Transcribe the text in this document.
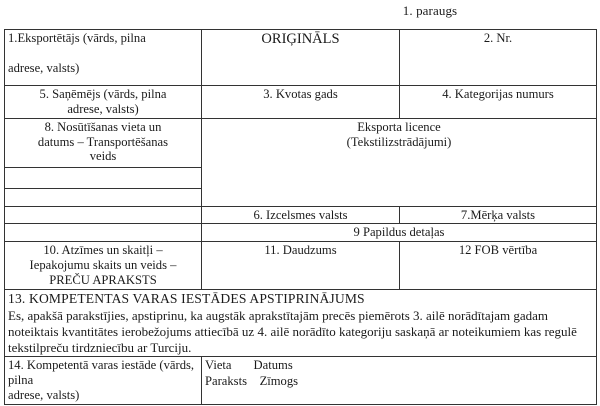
1. paraugs
1.Eksportētājs (vārds, pilna

adrese, valsts)	ORIĢINĀLS	2. Nr.
5. Saņēmējs (vārds, pilna
adrese, valsts)	3. Kvotas gads	4. Kategorijas numurs
8. Nosūtīšanas vieta un
datums – Transportēšanas
veids	
Eksporta licence
(Tekstilizstrādājumi)

	6. Izcelsmes valsts	7.Mērķa valsts
	9 Papildus detaļas	
10. Atzīmes un skaitļi –
Iepakojumu skaits un veids –
PREČU APRAKSTS	11. Daudzums	12 FOB vērtība

13. KOMPETENTAS VARAS IESTĀDES APSTIPRINĀJUMS
Es, apakšā parakstījies, apstiprinu, ka augstāk aprakstītajām precēs piemērots 3. ailē norādītajam gadam noteiktais kvantitātes ierobežojums attiecībā uz 4. ailē norādīto kategoriju saskaņā ar noteikumiem kas regulē tekstilpreču tirdzniecību ar Turciju.		

14. Kompetentā varas iestāde (vārds, pilna
adrese, valsts)	
Vieta       Datums
Paraksts    Zīmogs
